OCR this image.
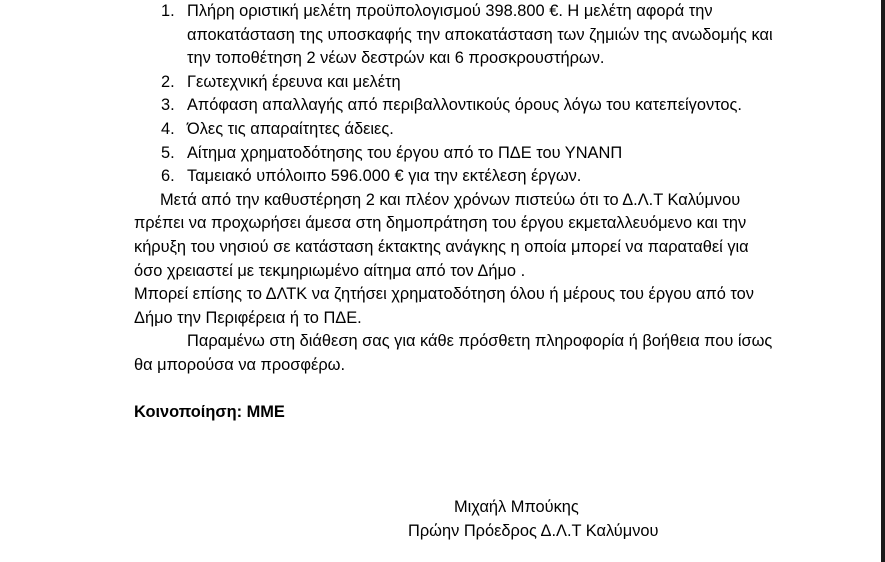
1. Πλήρη οριστική μελέτη προϋπολογισμού 398.800 €. Η μελέτη αφορά την αποκατάσταση της υποσκαφής την αποκατάσταση των ζημιών της ανωδομής και την τοποθέτηση 2 νέων δεστρών και 6 προσκρουστήρων.
2. Γεωτεχνική έρευνα και μελέτη
3. Απόφαση απαλλαγής από περιβαλλοντικούς όρους λόγω του κατεπείγοντος.
4. Όλες τις απαραίτητες άδειες.
5. Αίτημα χρηματοδότησης του έργου από το ΠΔΕ του ΥΝΑΝΠ
6. Ταμειακό υπόλοιπο 596.000 € για την εκτέλεση έργων.

Μετά από την καθυστέρηση 2 και πλέον χρόνων πιστεύω ότι το Δ.Λ.Τ Καλύμνου πρέπει να προχωρήσει άμεσα στη δημοπράτηση του έργου εκμεταλλευόμενο και την κήρυξη του νησιού σε κατάσταση έκτακτης ανάγκης η οποία μπορεί να παραταθεί για όσο χρειαστεί με τεκμηριωμένο αίτημα από τον Δήμο .

Μπορεί επίσης το ΔΛΤΚ να ζητήσει χρηματοδότηση όλου ή μέρους του έργου από τον Δήμο την Περιφέρεια ή το ΠΔΕ.

Παραμένω στη διάθεση σας για κάθε πρόσθετη πληροφορία ή βοήθεια που ίσως θα μπορούσα να προσφέρω.

Κοινοποίηση: ΜΜΕ

Μιχαήλ Μπούκης
Πρώην Πρόεδρος Δ.Λ.Τ Καλύμνου
